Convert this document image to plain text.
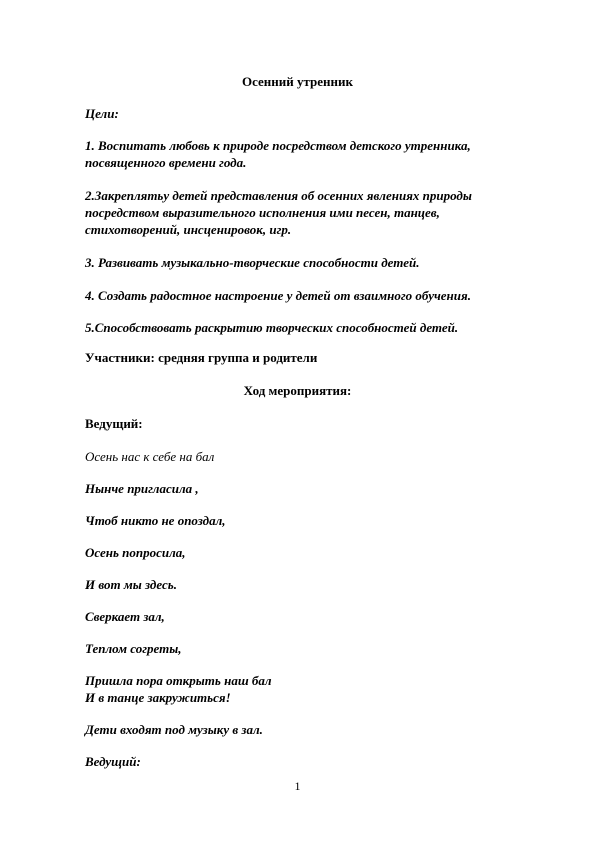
Осенний утренник
Цели:
1. Воспитать любовь к природе посредством детского утренника,
посвященного времени года.
2.Закреплятьу детей представления об осенних явлениях природы
посредством выразительного исполнения ими песен, танцев,
стихотворений, инсценировок, игр.
3. Развивать музыкально-творческие способности детей.
4. Создать радостное настроение у детей от взаимного обучения.
5.Способствовать раскрытию творческих способностей детей.
Участники: средняя группа и родители
Ход мероприятия:
Ведущий:
Осень нас к себе на бал
Нынче пригласила ,
Чтоб никто не опоздал,
Осень попросила,
И вот мы здесь.
Сверкает зал,
Теплом согреты,
Пришла пора открыть наш бал
И в танце закружиться!
Дети входят под музыку в зал.
Ведущий:
1
